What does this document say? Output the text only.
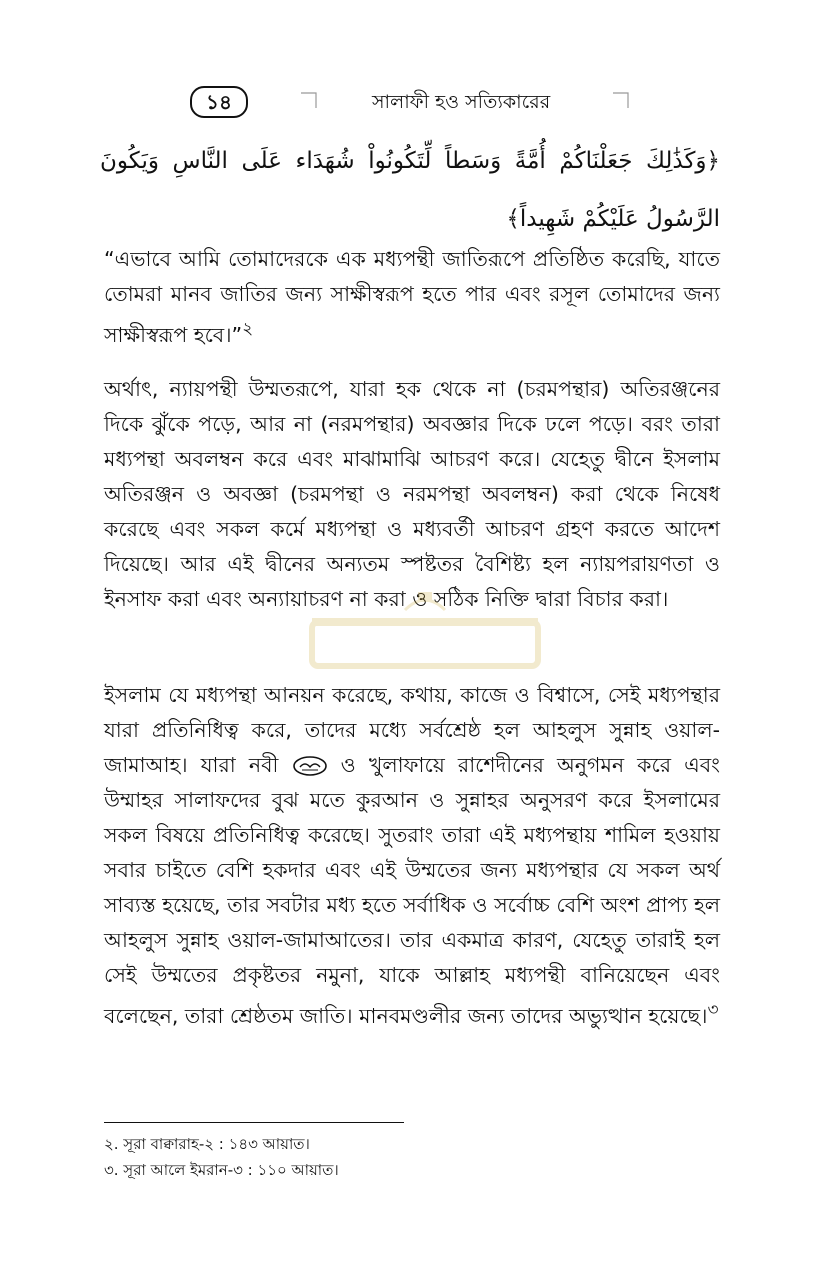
১৪	সালাফী হও সত্যিকারের
﴿وَكَذَٰلِكَ جَعَلْنَاكُمْ أُمَّةً وَسَطاً لِّتَكُونُواْ شُهَدَاء عَلَى النَّاسِ وَيَكُونَ الرَّسُولُ عَلَيْكُمْ شَهِيداً﴾

“এভাবে আমি তোমাদেরকে এক মধ্যপন্থী জাতিরূপে প্রতিষ্ঠিত করেছি, যাতে তোমরা মানব জাতির জন্য সাক্ষীস্বরূপ হতে পার এবং রসূল তোমাদের জন্য সাক্ষীস্বরূপ হবে।”$^২$

অর্থাৎ, ন্যায়পন্থী উম্মতরূপে, যারা হক থেকে না (চরমপন্থার) অতিরঞ্জনের দিকে ঝুঁকে পড়ে, আর না (নরমপন্থার) অবজ্ঞার দিকে ঢলে পড়ে। বরং তারা মধ্যপন্থা অবলম্বন করে এবং মাঝামাঝি আচরণ করে। যেহেতু দ্বীনে ইসলাম অতিরঞ্জন ও অবজ্ঞা (চরমপন্থা ও নরমপন্থা অবলম্বন) করা থেকে নিষেধ করেছে এবং সকল কর্মে মধ্যপন্থা ও মধ্যবর্তী আচরণ গ্রহণ করতে আদেশ দিয়েছে। আর এই দ্বীনের অন্যতম স্পষ্টতর বৈশিষ্ট্য হল ন্যায়পরায়ণতা ও ইনসাফ করা এবং অন্যায়াচরণ না করা ও সঠিক নিক্তি দ্বারা বিচার করা।

ইসলাম যে মধ্যপন্থা আনয়ন করেছে, কথায়, কাজে ও বিশ্বাসে, সেই মধ্যপন্থার যারা প্রতিনিধিত্ব করে, তাদের মধ্যে সর্বশ্রেষ্ঠ হল আহলুস সুন্নাহ ওয়াল-জামাআহ। যারা নবী	ও খুলাফায়ে রাশেদীনের অনুগমন করে এবং উম্মাহর সালাফদের বুঝ মতে কুরআন ও সুন্নাহর অনুসরণ করে ইসলামের সকল বিষয়ে প্রতিনিধিত্ব করেছে। সুতরাং তারা এই মধ্যপন্থায় শামিল হওয়ায় সবার চাইতে বেশি হকদার এবং এই উম্মতের জন্য মধ্যপন্থার যে সকল অর্থ সাব্যস্ত হয়েছে, তার সবটার মধ্য হতে সর্বাধিক ও সর্বোচ্চ বেশি অংশ প্রাপ্য হল আহলুস সুন্নাহ ওয়াল-জামাআতের। তার একমাত্র কারণ, যেহেতু তারাই হল সেই উম্মতের প্রকৃষ্টতর নমুনা, যাকে আল্লাহ মধ্যপন্থী বানিয়েছেন এবং বলেছেন, তারা শ্রেষ্ঠতম জাতি। মানবমণ্ডলীর জন্য তাদের অভ্যুত্থান হয়েছে।$^৩$

২. সূরা বাক্বারাহ-২ : ১৪৩ আয়াত।
৩. সূরা আলে ইমরান-৩ : ১১০ আয়াত।
